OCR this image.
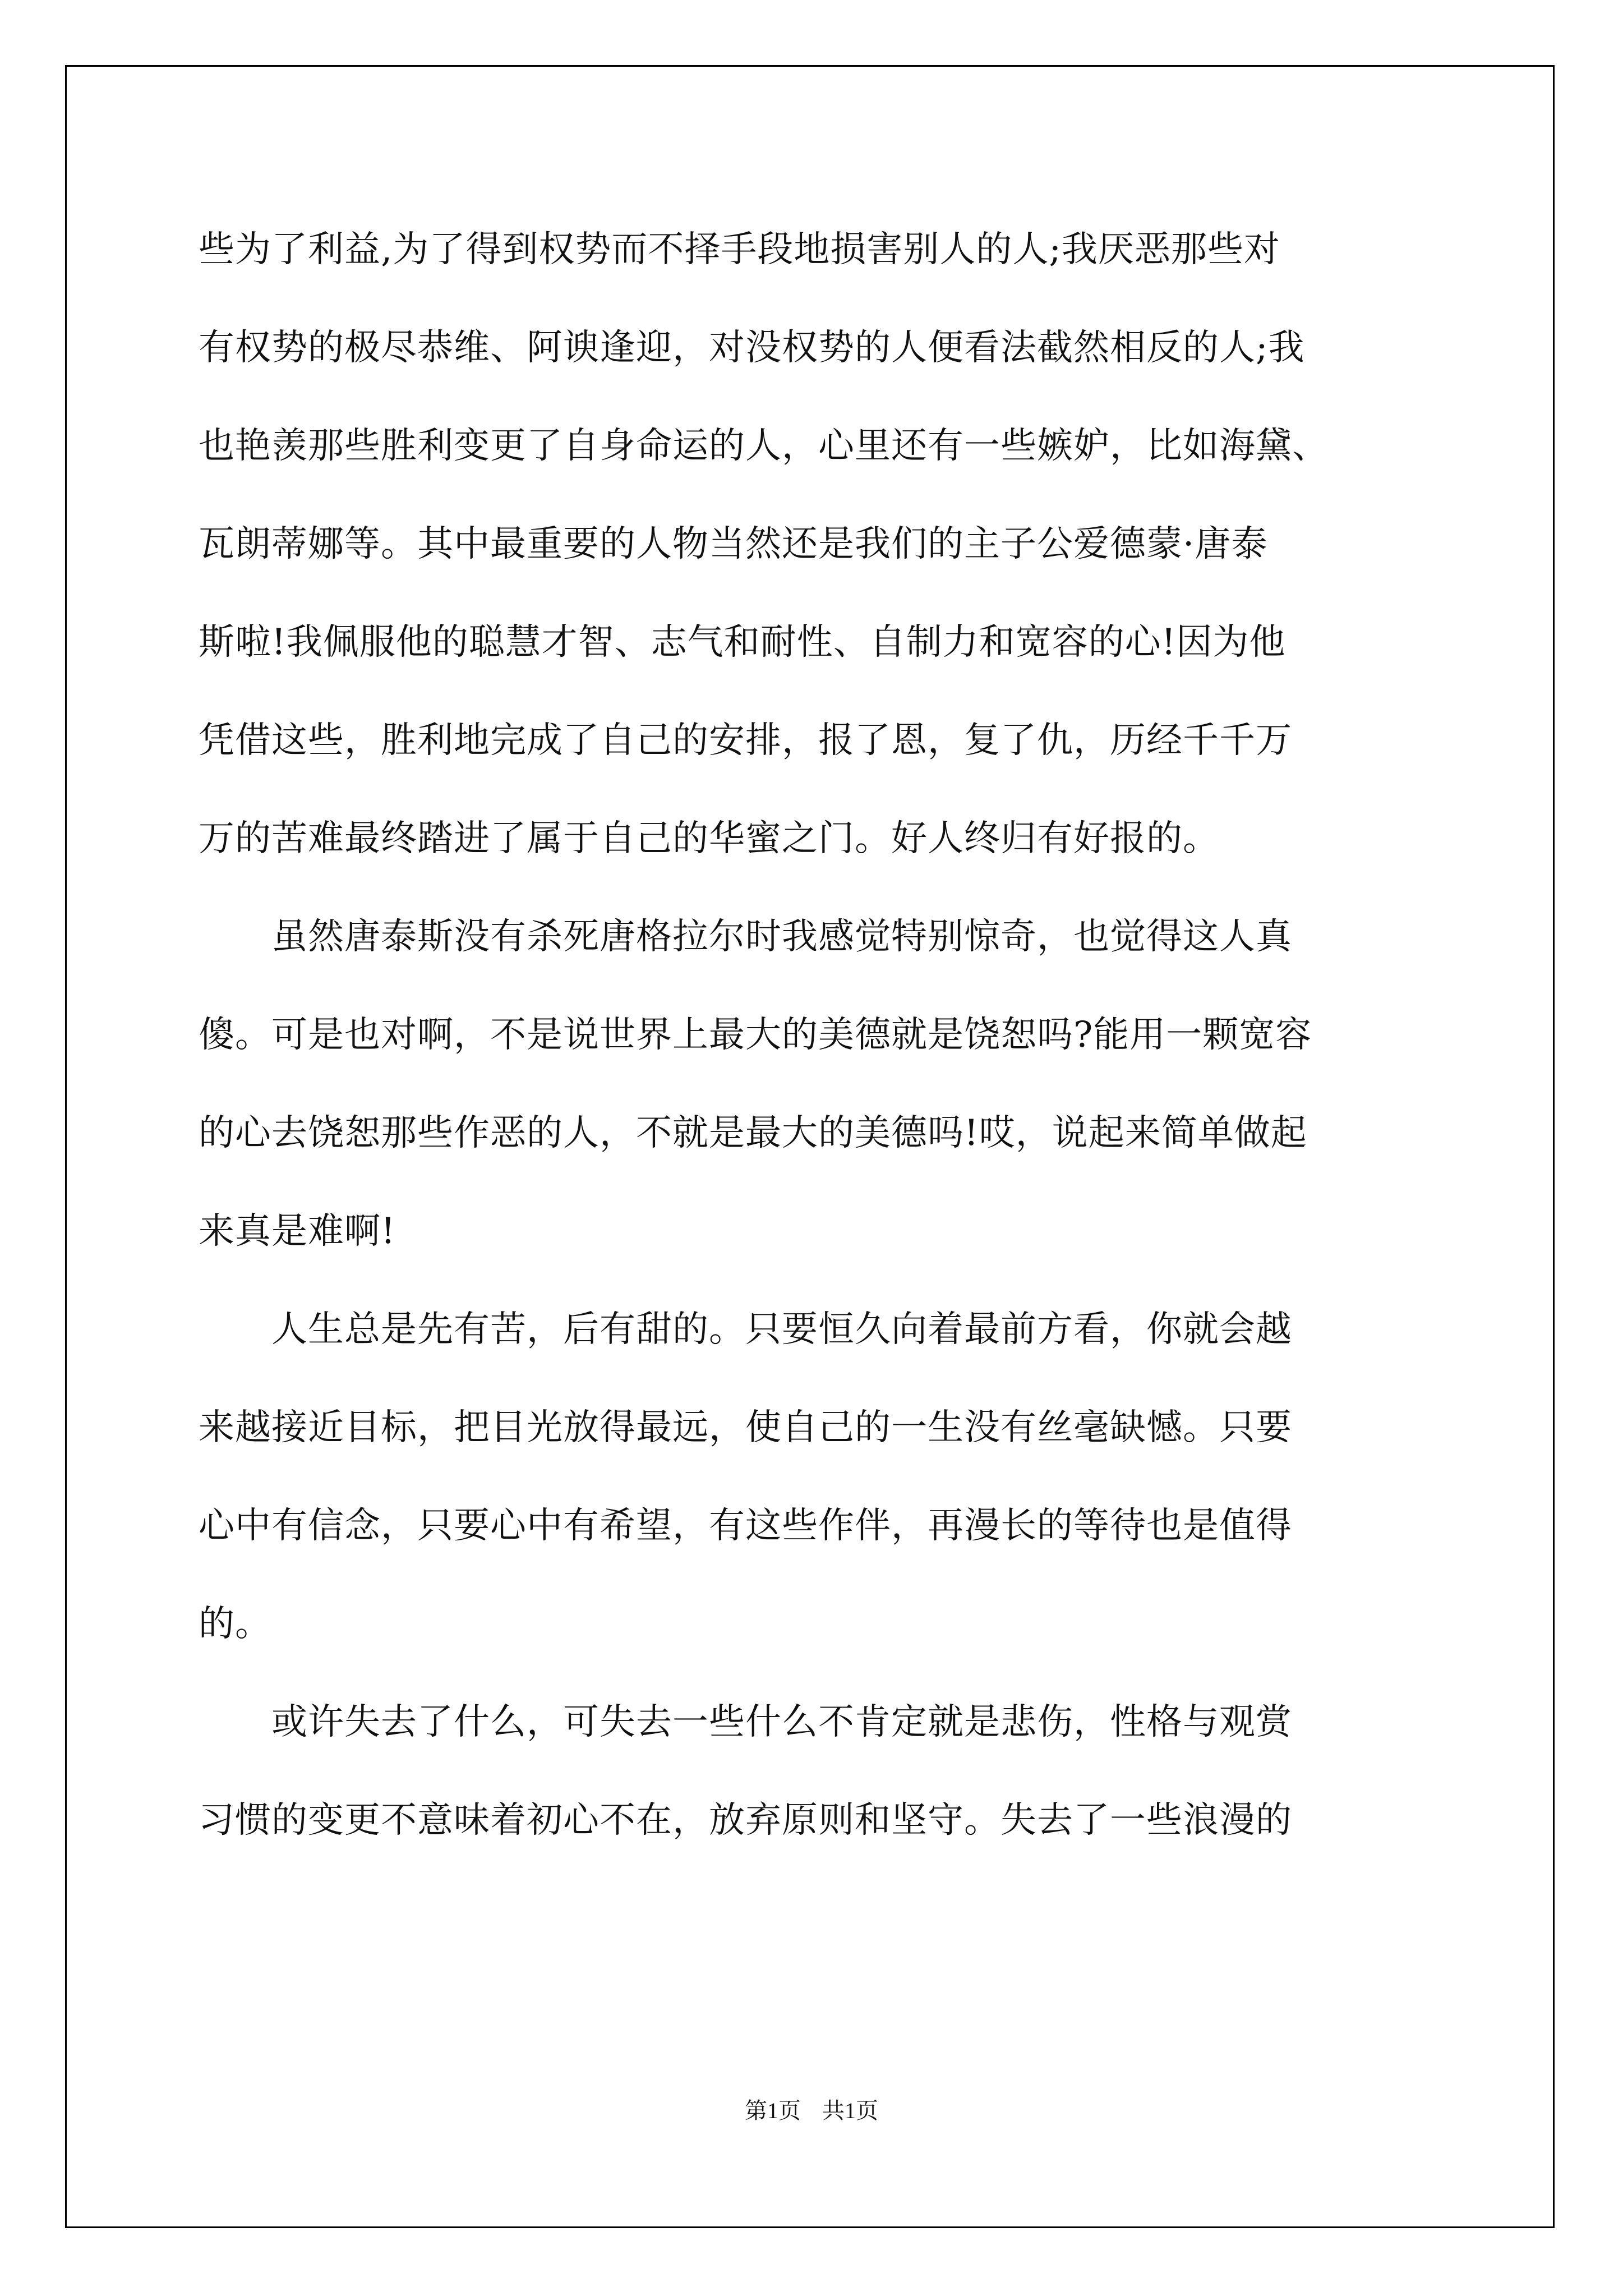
些为了利益,为了得到权势而不择手段地损害别人的人;我厌恶那些对
有权势的极尽恭维、阿谀逢迎，对没权势的人便看法截然相反的人;我
也艳羡那些胜利变更了自身命运的人，心里还有一些嫉妒，比如海黛、
瓦朗蒂娜等。其中最重要的人物当然还是我们的主子公爱德蒙·唐泰
斯啦!我佩服他的聪慧才智、志气和耐性、自制力和宽容的心!因为他
凭借这些，胜利地完成了自己的安排，报了恩，复了仇，历经千千万
万的苦难最终踏进了属于自己的华蜜之门。好人终归有好报的。
　　虽然唐泰斯没有杀死唐格拉尔时我感觉特别惊奇，也觉得这人真
傻。可是也对啊，不是说世界上最大的美德就是饶恕吗?能用一颗宽容
的心去饶恕那些作恶的人，不就是最大的美德吗!哎，说起来简单做起
来真是难啊!
　　人生总是先有苦，后有甜的。只要恒久向着最前方看，你就会越
来越接近目标，把目光放得最远，使自己的一生没有丝毫缺憾。只要
心中有信念，只要心中有希望，有这些作伴，再漫长的等待也是值得
的。
　　或许失去了什么，可失去一些什么不肯定就是悲伤，性格与观赏
习惯的变更不意味着初心不在，放弃原则和坚守。失去了一些浪漫的
第1页 共1页
